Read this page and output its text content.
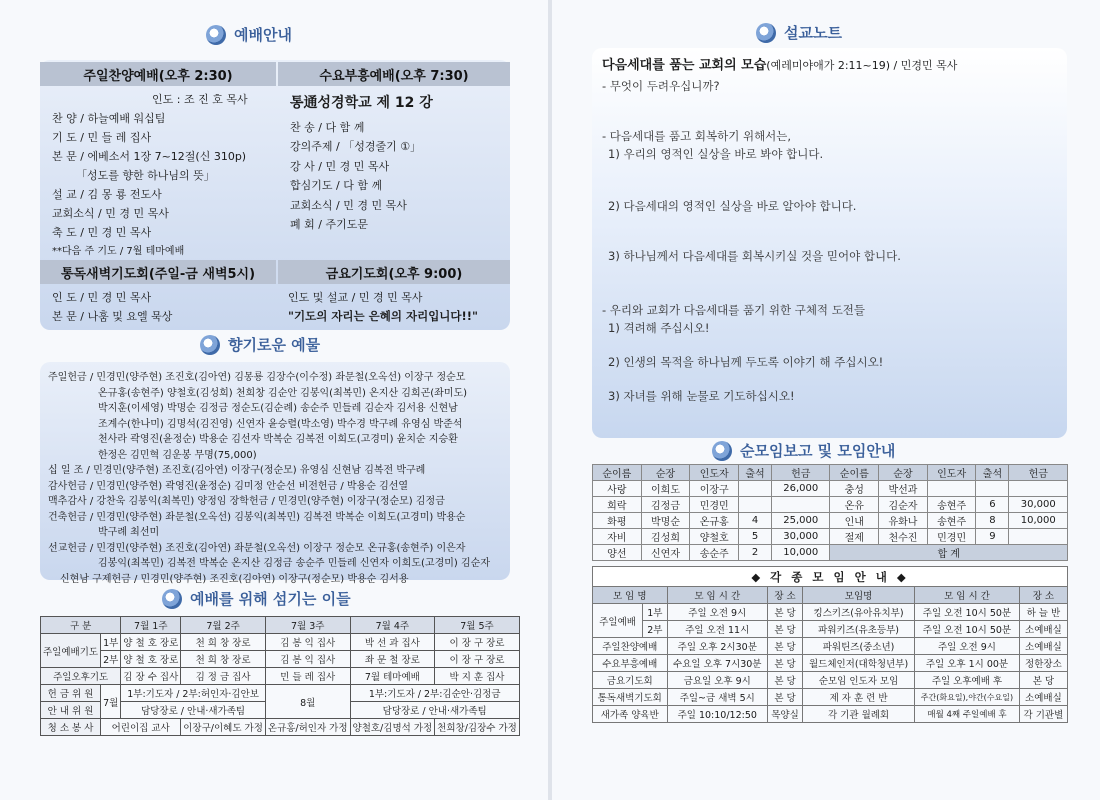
예배안내
주일찬양예배(오후 2:30)	수요부흥예배(오후 7:30)
인도 : 조 진 호 목사
찬 양 / 하늘예배 워십팀
기 도 / 민 들 레 집사
본 문 / 에베소서 1장 7~12절(신 310p)
「성도를 향한 하나님의 뜻」
설 교 / 김 몽 룡 전도사
교회소식 / 민 경 민 목사
축 도 / 민 경 민 목사
**다음 주 기도 / 7월 테마예배
통通성경학교 제 12 강
찬 송 / 다 함 께
강의주제 / 「성경줄기 ①」
강 사 / 민 경 민 목사
합심기도 / 다 함 께
교회소식 / 민 경 민 목사
폐 회 / 주기도문
통독새벽기도회(주일-금 새벽5시)	금요기도회(오후 9:00)
인 도 / 민 경 민 목사
본 문 / 나훔 및 요엘 묵상
인도 및 설교 / 민 경 민 목사
"기도의 자리는 은혜의 자리입니다!!"
향기로운 예물
주일헌금 / 민경민(양주현) 조진호(김아연) 김몽룡 김장수(이수정) 좌문철(오옥선) 이장구 정순모
온규홍(송현주) 양철호(김성희) 천희창 김순안 김봉익(최복민) 온지산 김희곤(좌미도)
박지훈(이세영) 박명순 김정금 정순도(김순례) 송순주 민들레 김순자 김서용 신현남
조계수(한나미) 김명석(김진영) 신연자 윤승렬(박소영) 박수경 박구례 유영심 박준석
천사라 곽영진(윤정순) 박용순 김선자 박복순 김복전 이희도(고경미) 윤치순 지승환
한정은 김민혁 김운봉 무명(75,000)
십 일 조 / 민경민(양주현) 조진호(김아연) 이장구(정순모) 유영심 신현남 김복전 박구례
감사헌금 / 민경민(양주현) 곽영진(윤정순) 김미정 안순선 비전헌금 / 박용순 김선열
맥추감사 / 강찬욱 김봉익(최복민) 양정임 장학헌금 / 민경민(양주현) 이장구(정순모) 김정금
건축헌금 / 민경민(양주현) 좌문철(오옥선) 김봉익(최복민) 김복전 박복순 이희도(고경미) 박용순
박구례 최선미
선교헌금 / 민경민(양주현) 조진호(김아연) 좌문철(오옥선) 이장구 정순모 온규홍(송현주) 이은자
김봉익(최복민) 김복전 박복순 온지산 김정금 송순주 민들레 신연자 이희도(고경미) 김순자
신현남 구제헌금 / 민경민(양주현) 조진호(김아연) 이장구(정순모) 박용순 김서용
예배를 위해 섬기는 이들
구 분		7월 1주	7월 2주	7월 3주	7월 4주	7월 5주
주일예배기도	1부	양 철 호 장로	천 희 창 장로	김 봉 익 집사	박 선 과 집사	이 장 구 장로
	2부	양 철 호 장로	천 희 창 장로	김 봉 익 집사	좌 문 철 장로	이 장 구 장로
주일오후기도		김 장 수 집사	김 정 금 집사	민 들 레 집사	7월 테마예배	박 지 훈 집사
헌 금 위 원	7월	1부:기도자 / 2부:허인자·김안보		8월	1부:기도자 / 2부:김순안·김정금	
안 내 위 원		담당장로 / 안내·새가족팀			담당장로 / 안내·새가족팀	
청 소 봉 사	어린이집 교사		이장구/이혜도 가정	온규홍/허인자 가정	양철호/김명석 가정	천희창/김장수 가정
설교노트
다음세대를 품는 교회의 모습(예레미야애가 2:11~19) / 민경민 목사
- 무엇이 두려우십니까?
- 다음세대를 품고 회복하기 위해서는,
1) 우리의 영적인 실상을 바로 봐야 합니다.
2) 다음세대의 영적인 실상을 바로 알아야 합니다.
3) 하나님께서 다음세대를 회복시키실 것을 믿어야 합니다.
- 우리와 교회가 다음세대를 품기 위한 구체적 도전들
1) 격려해 주십시오!
2) 인생의 목적을 하나님께 두도록 이야기 해 주십시오!
3) 자녀를 위해 눈물로 기도하십시오!
순모임보고 및 모임안내
순이름	순장	인도자	출석	헌금	순이름	순장	인도자	출석	헌금
사랑	이희도	이장구		26,000	충성	박선과			
희락	김정금	민경민			온유	김순자	송현주	6	30,000
화평	박명순	온규홍	4	25,000	인내	유화나	송현주	8	10,000
자비	김성희	양철호	5	30,000	절제	천수진	민경민	9	
양선	신연자	송순주	2	10,000	합 계				
◆ 각 종 모 임 안 내 ◆						
모 임 명		모 임 시 간	장 소	모임명	모 임 시 간	장 소
주일예배	1부	주일 오전 9시	본 당	킹스키즈(유아유치부)	주일 오전 10시 50분	하 늘 반
	2부	주일 오전 11시	본 당	파워키즈(유초등부)	주일 오전 10시 50분	소예배실
주일찬양예배		주일 오후 2시30분	본 당	파워틴즈(중소년)	주일 오전 9시	소예배실
수요부흥예배		수요일 오후 7시30분	본 당	월드체인저(대학청년부)	주일 오후 1시 00분	정한장소
금요기도회		금요일 오후 9시	본 당	순모임 인도자 모임	주일 오후예배 후	본 당
통독새벽기도회		주일~금 새벽 5시	본 당	제 자 훈 련 반	주간(화요일),야간(수요일)	소예배실
새가족 양육반		주일 10:10/12:50	목양실	각 기관 월례회	매월 4째 주일예배 후	각 기관별
